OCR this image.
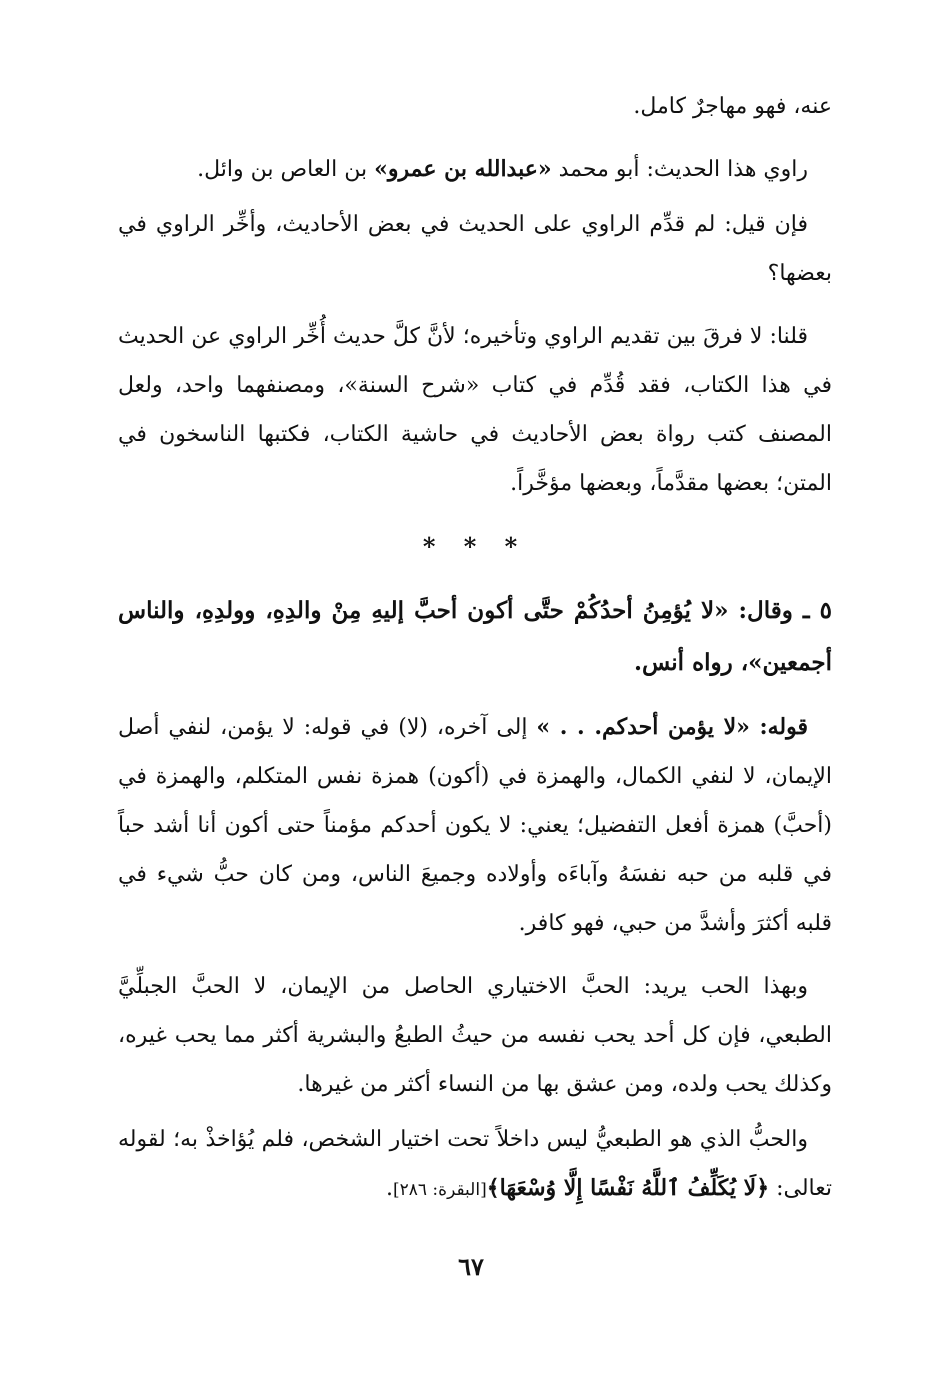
عنه، فهو مهاجرٌ كامل.

راوي هذا الحديث: أبو محمد «عبدالله بن عمرو» بن العاص بن وائل.

فإن قيل: لم قدِّم الراوي على الحديث في بعض الأحاديث، وأخِّر الراوي في بعضها؟

قلنا: لا فرقَ بين تقديم الراوي وتأخيره؛ لأنَّ كلَّ حديث أُخِّر الراوي عن الحديث في هذا الكتاب، فقد قُدِّم في كتاب «شرح السنة»، ومصنفهما واحد، ولعل المصنف كتب رواة بعض الأحاديث في حاشية الكتاب، فكتبها الناسخون في المتن؛ بعضها مقدَّماً، وبعضها مؤخَّراً.

* * *

٥ ـ وقال: «لا يُؤمِنُ أحدُكُمْ حتَّى أكون أحبَّ إليهِ مِنْ والدِهِ، وولدِهِ، والناس أجمعين»، رواه أنس.

قوله: «لا يؤمن أحدكم. . . » إلى آخره، (لا) في قوله: لا يؤمن، لنفي أصل الإيمان، لا لنفي الكمال، والهمزة في (أكون) همزة نفس المتكلم، والهمزة في (أحبَّ) همزة أفعل التفضيل؛ يعني: لا يكون أحدكم مؤمناً حتى أكون أنا أشد حباً في قلبه من حبه نفسَهُ وآباءَه وأولاده وجميعَ الناس، ومن كان حبُّ شيء في قلبه أكثرَ وأشدَّ من حبي، فهو كافر.

وبهذا الحب يريد: الحبَّ الاختياري الحاصل من الإيمان، لا الحبَّ الجبلِّيَّ الطبعي، فإن كل أحد يحب نفسه من حيثُ الطبعُ والبشرية أكثر مما يحب غيره، وكذلك يحب ولده، ومن عشق بها من النساء أكثر من غيرها.

والحبُّ الذي هو الطبعيُّ ليس داخلاً تحت اختيار الشخص، فلم يُؤاخذْ به؛ لقوله تعالى: ﴿لَا يُكَلِّفُ ٱللَّهُ نَفْسًا إِلَّا وُسْعَهَا﴾[البقرة: ٢٨٦].

٦٧
